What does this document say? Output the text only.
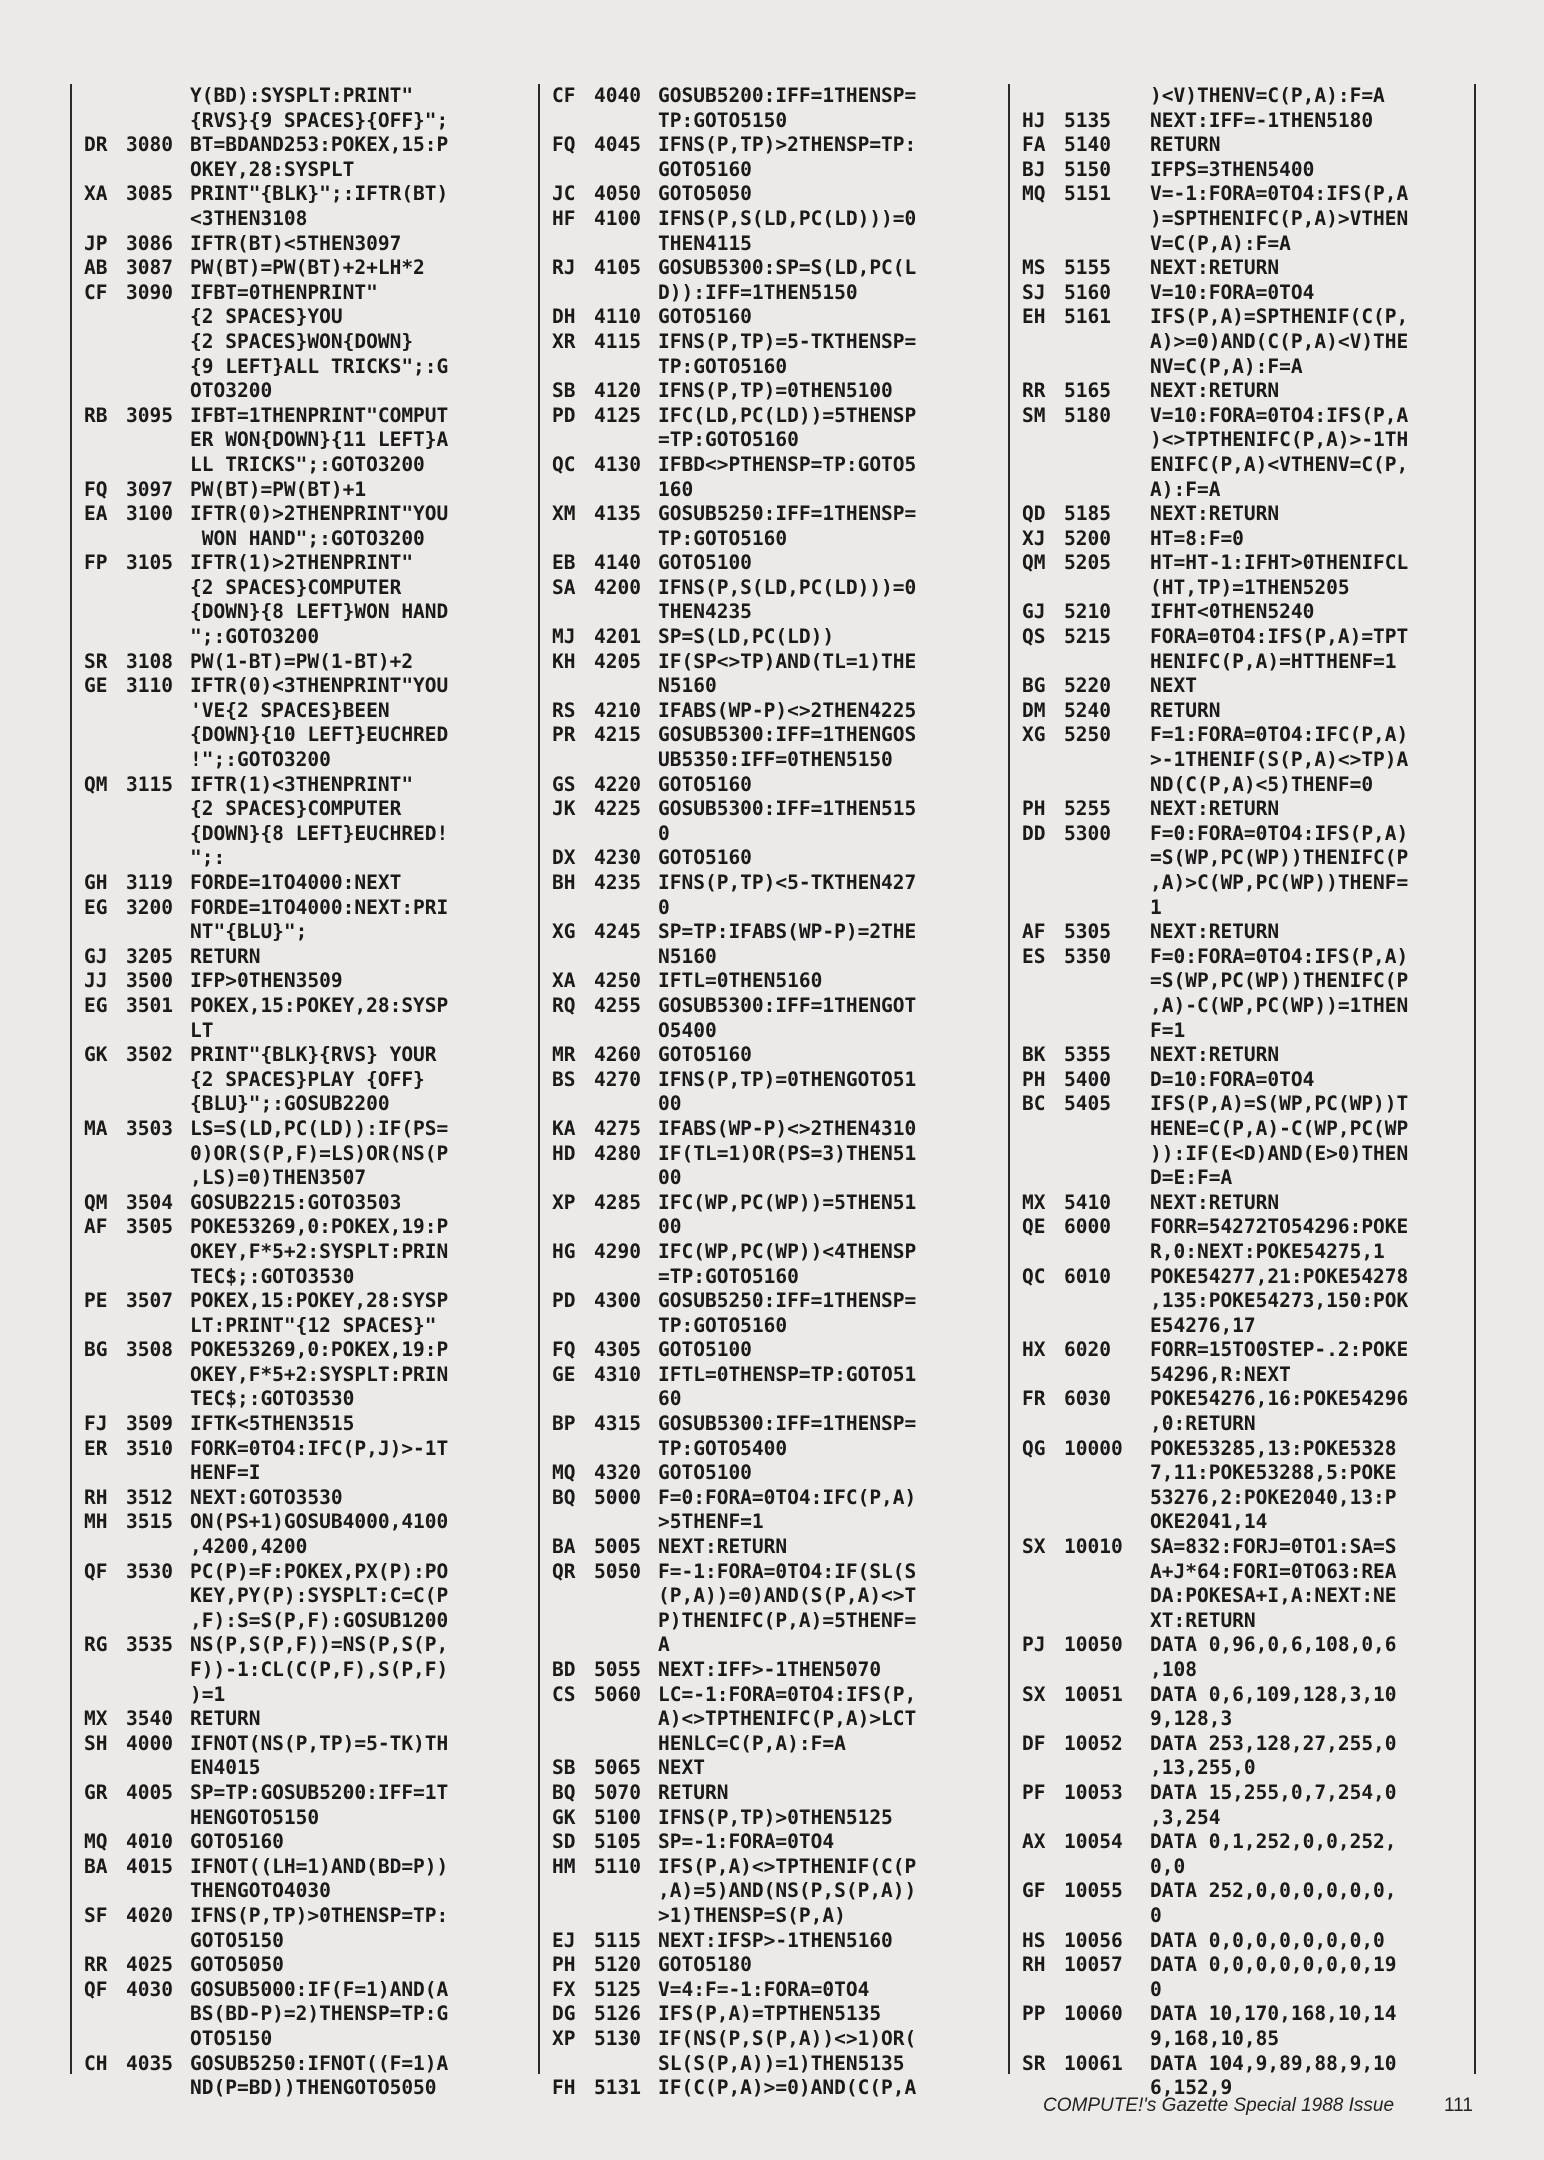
Y(BD):SYSPLT:PRINT"
{RVS}{9 SPACES}{OFF}";
DR 3080 BT=BDAND253:POKEX,15:P
OKEY,28:SYSPLT
XA 3085 PRINT"{BLK}";:IFTR(BT)
<3THEN3108
JP 3086 IFTR(BT)<5THEN3097
AB 3087 PW(BT)=PW(BT)+2+LH*2
CF 3090 IFBT=0THENPRINT"
{2 SPACES}YOU
{2 SPACES}WON{DOWN}
{9 LEFT}ALL TRICKS";:G
OTO3200
RB 3095 IFBT=1THENPRINT"COMPUT
ER WON{DOWN}{11 LEFT}A
LL TRICKS";:GOTO3200
FQ 3097 PW(BT)=PW(BT)+1
EA 3100 IFTR(0)>2THENPRINT"YOU
WON HAND";:GOTO3200
FP 3105 IFTR(1)>2THENPRINT"
{2 SPACES}COMPUTER
{DOWN}{8 LEFT}WON HAND
";:GOTO3200
SR 3108 PW(1-BT)=PW(1-BT)+2
GE 3110 IFTR(0)<3THENPRINT"YOU
'VE{2 SPACES}BEEN
{DOWN}{10 LEFT}EUCHRED
!";:GOTO3200
QM 3115 IFTR(1)<3THENPRINT"
{2 SPACES}COMPUTER
{DOWN}{8 LEFT}EUCHRED!
";:
GH 3119 FORDE=1TO4000:NEXT
EG 3200 FORDE=1TO4000:NEXT:PRI
NT"{BLU}";
GJ 3205 RETURN
JJ 3500 IFP>0THEN3509
EG 3501 POKEX,15:POKEY,28:SYSP
LT
GK 3502 PRINT"{BLK}{RVS} YOUR
{2 SPACES}PLAY {OFF}
{BLU}";:GOSUB2200
MA 3503 LS=S(LD,PC(LD)):IF(PS=
0)OR(S(P,F)=LS)OR(NS(P
,LS)=0)THEN3507
QM 3504 GOSUB2215:GOTO3503
AF 3505 POKE53269,0:POKEX,19:P
OKEY,F*5+2:SYSPLT:PRIN
TEC$;:GOTO3530
PE 3507 POKEX,15:POKEY,28:SYSP
LT:PRINT"{12 SPACES}"
BG 3508 POKE53269,0:POKEX,19:P
OKEY,F*5+2:SYSPLT:PRIN
TEC$;:GOTO3530
FJ 3509 IFTK<5THEN3515
ER 3510 FORK=0TO4:IFC(P,J)>-1T
HENF=I
RH 3512 NEXT:GOTO3530
MH 3515 ON(PS+1)GOSUB4000,4100
,4200,4200
QF 3530 PC(P)=F:POKEX,PX(P):PO
KEY,PY(P):SYSPLT:C=C(P
,F):S=S(P,F):GOSUB1200
RG 3535 NS(P,S(P,F))=NS(P,S(P,
F))-1:CL(C(P,F),S(P,F)
)=1
MX 3540 RETURN
SH 4000 IFNOT(NS(P,TP)=5-TK)TH
EN4015
GR 4005 SP=TP:GOSUB5200:IFF=1T
HENGOTO5150
MQ 4010 GOTO5160
BA 4015 IFNOT((LH=1)AND(BD=P))
THENGOTO4030
SF 4020 IFNS(P,TP)>0THENSP=TP:
GOTO5150
RR 4025 GOTO5050
QF 4030 GOSUB5000:IF(F=1)AND(A
BS(BD-P)=2)THENSP=TP:G
OTO5150
CH 4035 GOSUB5250:IFNOT((F=1)A
ND(P=BD))THENGOTO5050
CF 4040 GOSUB5200:IFF=1THENSP=
TP:GOTO5150
FQ 4045 IFNS(P,TP)>2THENSP=TP:
GOTO5160
JC 4050 GOTO5050
HF 4100 IFNS(P,S(LD,PC(LD)))=0
THEN4115
RJ 4105 GOSUB5300:SP=S(LD,PC(L
D)):IFF=1THEN5150
DH 4110 GOTO5160
XR 4115 IFNS(P,TP)=5-TKTHENSP=
TP:GOTO5160
SB 4120 IFNS(P,TP)=0THEN5100
PD 4125 IFC(LD,PC(LD))=5THENSP
=TP:GOTO5160
QC 4130 IFBD<>PTHENSP=TP:GOTO5
160
XM 4135 GOSUB5250:IFF=1THENSP=
TP:GOTO5160
EB 4140 GOTO5100
SA 4200 IFNS(P,S(LD,PC(LD)))=0
THEN4235
MJ 4201 SP=S(LD,PC(LD))
KH 4205 IF(SP<>TP)AND(TL=1)THE
N5160
RS 4210 IFABS(WP-P)<>2THEN4225
PR 4215 GOSUB5300:IFF=1THENGOS
UB5350:IFF=0THEN5150
GS 4220 GOTO5160
JK 4225 GOSUB5300:IFF=1THEN515
0
DX 4230 GOTO5160
BH 4235 IFNS(P,TP)<5-TKTHEN427
0
XG 4245 SP=TP:IFABS(WP-P)=2THE
N5160
XA 4250 IFTL=0THEN5160
RQ 4255 GOSUB5300:IFF=1THENGOT
O5400
MR 4260 GOTO5160
BS 4270 IFNS(P,TP)=0THENGOTO51
00
KA 4275 IFABS(WP-P)<>2THEN4310
HD 4280 IF(TL=1)OR(PS=3)THEN51
00
XP 4285 IFC(WP,PC(WP))=5THEN51
00
HG 4290 IFC(WP,PC(WP))<4THENSP
=TP:GOTO5160
PD 4300 GOSUB5250:IFF=1THENSP=
TP:GOTO5160
FQ 4305 GOTO5100
GE 4310 IFTL=0THENSP=TP:GOTO51
60
BP 4315 GOSUB5300:IFF=1THENSP=
TP:GOTO5400
MQ 4320 GOTO5100
BQ 5000 F=0:FORA=0TO4:IFC(P,A)
>5THENF=1
BA 5005 NEXT:RETURN
QR 5050 F=-1:FORA=0TO4:IF(SL(S
(P,A))=0)AND(S(P,A)<>T
P)THENIFC(P,A)=5THENF=
A
BD 5055 NEXT:IFF>-1THEN5070
CS 5060 LC=-1:FORA=0TO4:IFS(P,
A)<>TPTHENIFC(P,A)>LCT
HENLC=C(P,A):F=A
SB 5065 NEXT
BQ 5070 RETURN
GK 5100 IFNS(P,TP)>0THEN5125
SD 5105 SP=-1:FORA=0TO4
HM 5110 IFS(P,A)<>TPTHENIF(C(P
,A)=5)AND(NS(P,S(P,A))
>1)THENSP=S(P,A)
EJ 5115 NEXT:IFSP>-1THEN5160
PH 5120 GOTO5180
FX 5125 V=4:F=-1:FORA=0TO4
DG 5126 IFS(P,A)=TPTHEN5135
XP 5130 IF(NS(P,S(P,A))<>1)OR(
SL(S(P,A))=1)THEN5135
FH 5131 IF(C(P,A)>=0)AND(C(P,A
)<V)THENV=C(P,A):F=A
HJ 5135	NEXT:IFF=-1THEN5180
FA 5140	RETURN
BJ 5150	IFPS=3THEN5400
MQ 5151	V=-1:FORA=0TO4:IFS(P,A
)=SPTHENIFC(P,A)>VTHEN
V=C(P,A):F=A
MS 5155	NEXT:RETURN
SJ 5160	V=10:FORA=0TO4
EH 5161	IFS(P,A)=SPTHENIF(C(P,
A)>=0)AND(C(P,A)<V)THE
NV=C(P,A):F=A
RR 5165	NEXT:RETURN
SM 5180	V=10:FORA=0TO4:IFS(P,A
)<>TPTHENIFC(P,A)>-1TH
ENIFC(P,A)<VTHENV=C(P,
A):F=A
QD 5185	NEXT:RETURN
XJ 5200	HT=8:F=0
QM 5205	HT=HT-1:IFHT>0THENIFCL
(HT,TP)=1THEN5205
GJ 5210	IFHT<0THEN5240
QS 5215	FORA=0TO4:IFS(P,A)=TPT
HENIFC(P,A)=HTTHENF=1
BG 5220	NEXT
DM 5240	RETURN
XG 5250	F=1:FORA=0TO4:IFC(P,A)
>-1THENIF(S(P,A)<>TP)A
ND(C(P,A)<5)THENF=0
PH 5255	NEXT:RETURN
DD 5300	F=0:FORA=0TO4:IFS(P,A)
=S(WP,PC(WP))THENIFC(P
,A)>C(WP,PC(WP))THENF=
1
AF 5305	NEXT:RETURN
ES 5350	F=0:FORA=0TO4:IFS(P,A)
=S(WP,PC(WP))THENIFC(P
,A)-C(WP,PC(WP))=1THEN
F=1
BK 5355	NEXT:RETURN
PH 5400	D=10:FORA=0TO4
BC 5405	IFS(P,A)=S(WP,PC(WP))T
HENE=C(P,A)-C(WP,PC(WP
)):IF(E<D)AND(E>0)THEN
D=E:F=A
MX 5410	NEXT:RETURN
QE 6000	FORR=54272TO54296:POKE
R,0:NEXT:POKE54275,1
QC 6010	POKE54277,21:POKE54278
,135:POKE54273,150:POK
E54276,17
HX 6020	FORR=15TO0STEP-.2:POKE
54296,R:NEXT
FR 6030	POKE54276,16:POKE54296
,0:RETURN
QG 10000	POKE53285,13:POKE5328
7,11:POKE53288,5:POKE
53276,2:POKE2040,13:P
OKE2041,14
SX 10010	SA=832:FORJ=0TO1:SA=S
A+J*64:FORI=0TO63:REA
DA:POKESA+I,A:NEXT:NE
XT:RETURN
PJ 10050	DATA 0,96,0,6,108,0,6
,108
SX 10051	DATA 0,6,109,128,3,10
9,128,3
DF 10052	DATA 253,128,27,255,0
,13,255,0
PF 10053	DATA 15,255,0,7,254,0
,3,254
AX 10054	DATA 0,1,252,0,0,252,
0,0
GF 10055	DATA 252,0,0,0,0,0,0,
0
HS 10056	DATA 0,0,0,0,0,0,0,0
RH 10057	DATA 0,0,0,0,0,0,0,19
0
PP 10060	DATA 10,170,168,10,14
9,168,10,85
SR 10061	DATA 104,9,89,88,9,10
6,152,9
COMPUTE!'s Gazette Special 1988 Issue	111
